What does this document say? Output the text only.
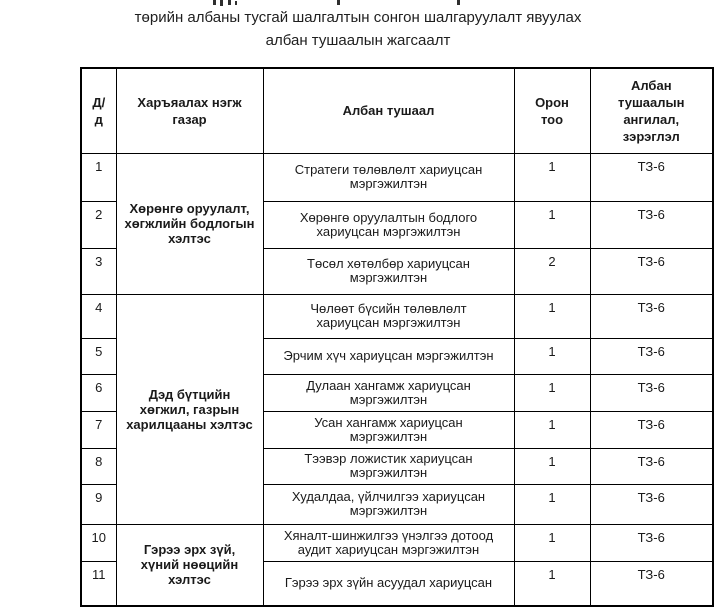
төрийн албаны тусгай шалгалтын сонгон шалгаруулалт явуулах
албан тушаалын жагсаалт
Д/д	Харъяалах нэгж газар	Албан тушаал	Орон тоо	Албан тушаалын ангилал, зэрэглэл
1	Хөрөнгө оруулалт, хөгжлийн бодлогын хэлтэс	Стратеги төлөвлөлт хариуцсан мэргэжилтэн	1	ТЗ-6
2		Хөрөнгө оруулалтын бодлого хариуцсан мэргэжилтэн	1	ТЗ-6
3		Төсөл хөтөлбөр хариуцсан мэргэжилтэн	2	ТЗ-6
4	Дэд бүтцийн хөгжил, газрын харилцааны хэлтэс	Чөлөөт бүсийн төлөвлөлт хариуцсан мэргэжилтэн	1	ТЗ-6
5		Эрчим хүч хариуцсан мэргэжилтэн	1	ТЗ-6
6		Дулаан хангамж хариуцсан мэргэжилтэн	1	ТЗ-6
7		Усан хангамж хариуцсан мэргэжилтэн	1	ТЗ-6
8		Тээвэр ложистик хариуцсан мэргэжилтэн	1	ТЗ-6
9		Худалдаа, үйлчилгээ хариуцсан мэргэжилтэн	1	ТЗ-6
10	Гэрээ эрх зүй, хүний нөөцийн хэлтэс	Хяналт-шинжилгээ үнэлгээ дотоод аудит хариуцсан мэргэжилтэн	1	ТЗ-6
11		Гэрээ эрх зүйн асуудал хариуцсан	1	ТЗ-6
